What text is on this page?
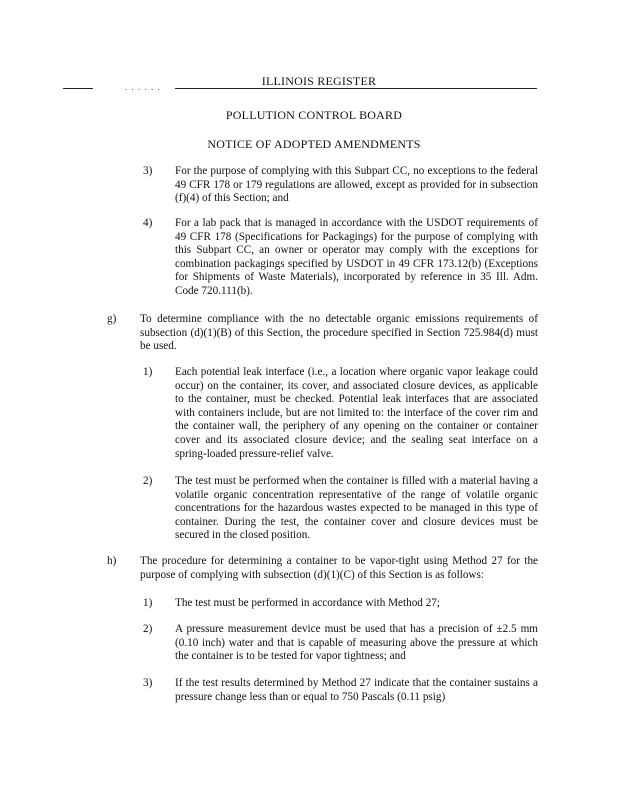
. . . . . .	ILLINOIS REGISTER
POLLUTION CONTROL BOARD
NOTICE OF ADOPTED AMENDMENTS
3) For the purpose of complying with this Subpart CC, no exceptions to the federal 49 CFR 178 or 179 regulations are allowed, except as provided for in subsection (f)(4) of this Section; and
4) For a lab pack that is managed in accordance with the USDOT requirements of 49 CFR 178 (Specifications for Packagings) for the purpose of complying with this Subpart CC, an owner or operator may comply with the exceptions for combination packagings specified by USDOT in 49 CFR 173.12(b) (Exceptions for Shipments of Waste Materials), incorporated by reference in 35 Ill. Adm. Code 720.111(b).
g) To determine compliance with the no detectable organic emissions requirements of subsection (d)(1)(B) of this Section, the procedure specified in Section 725.984(d) must be used.
1) Each potential leak interface (i.e., a location where organic vapor leakage could occur) on the container, its cover, and associated closure devices, as applicable to the container, must be checked. Potential leak interfaces that are associated with containers include, but are not limited to: the interface of the cover rim and the container wall, the periphery of any opening on the container or container cover and its associated closure device; and the sealing seat interface on a spring-loaded pressure-relief valve.
2) The test must be performed when the container is filled with a material having a volatile organic concentration representative of the range of volatile organic concentrations for the hazardous wastes expected to be managed in this type of container. During the test, the container cover and closure devices must be secured in the closed position.
h) The procedure for determining a container to be vapor-tight using Method 27 for the purpose of complying with subsection (d)(1)(C) of this Section is as follows:
1) The test must be performed in accordance with Method 27;
2) A pressure measurement device must be used that has a precision of ±2.5 mm (0.10 inch) water and that is capable of measuring above the pressure at which the container is to be tested for vapor tightness; and
3) If the test results determined by Method 27 indicate that the container sustains a pressure change less than or equal to 750 Pascals (0.11 psig)
